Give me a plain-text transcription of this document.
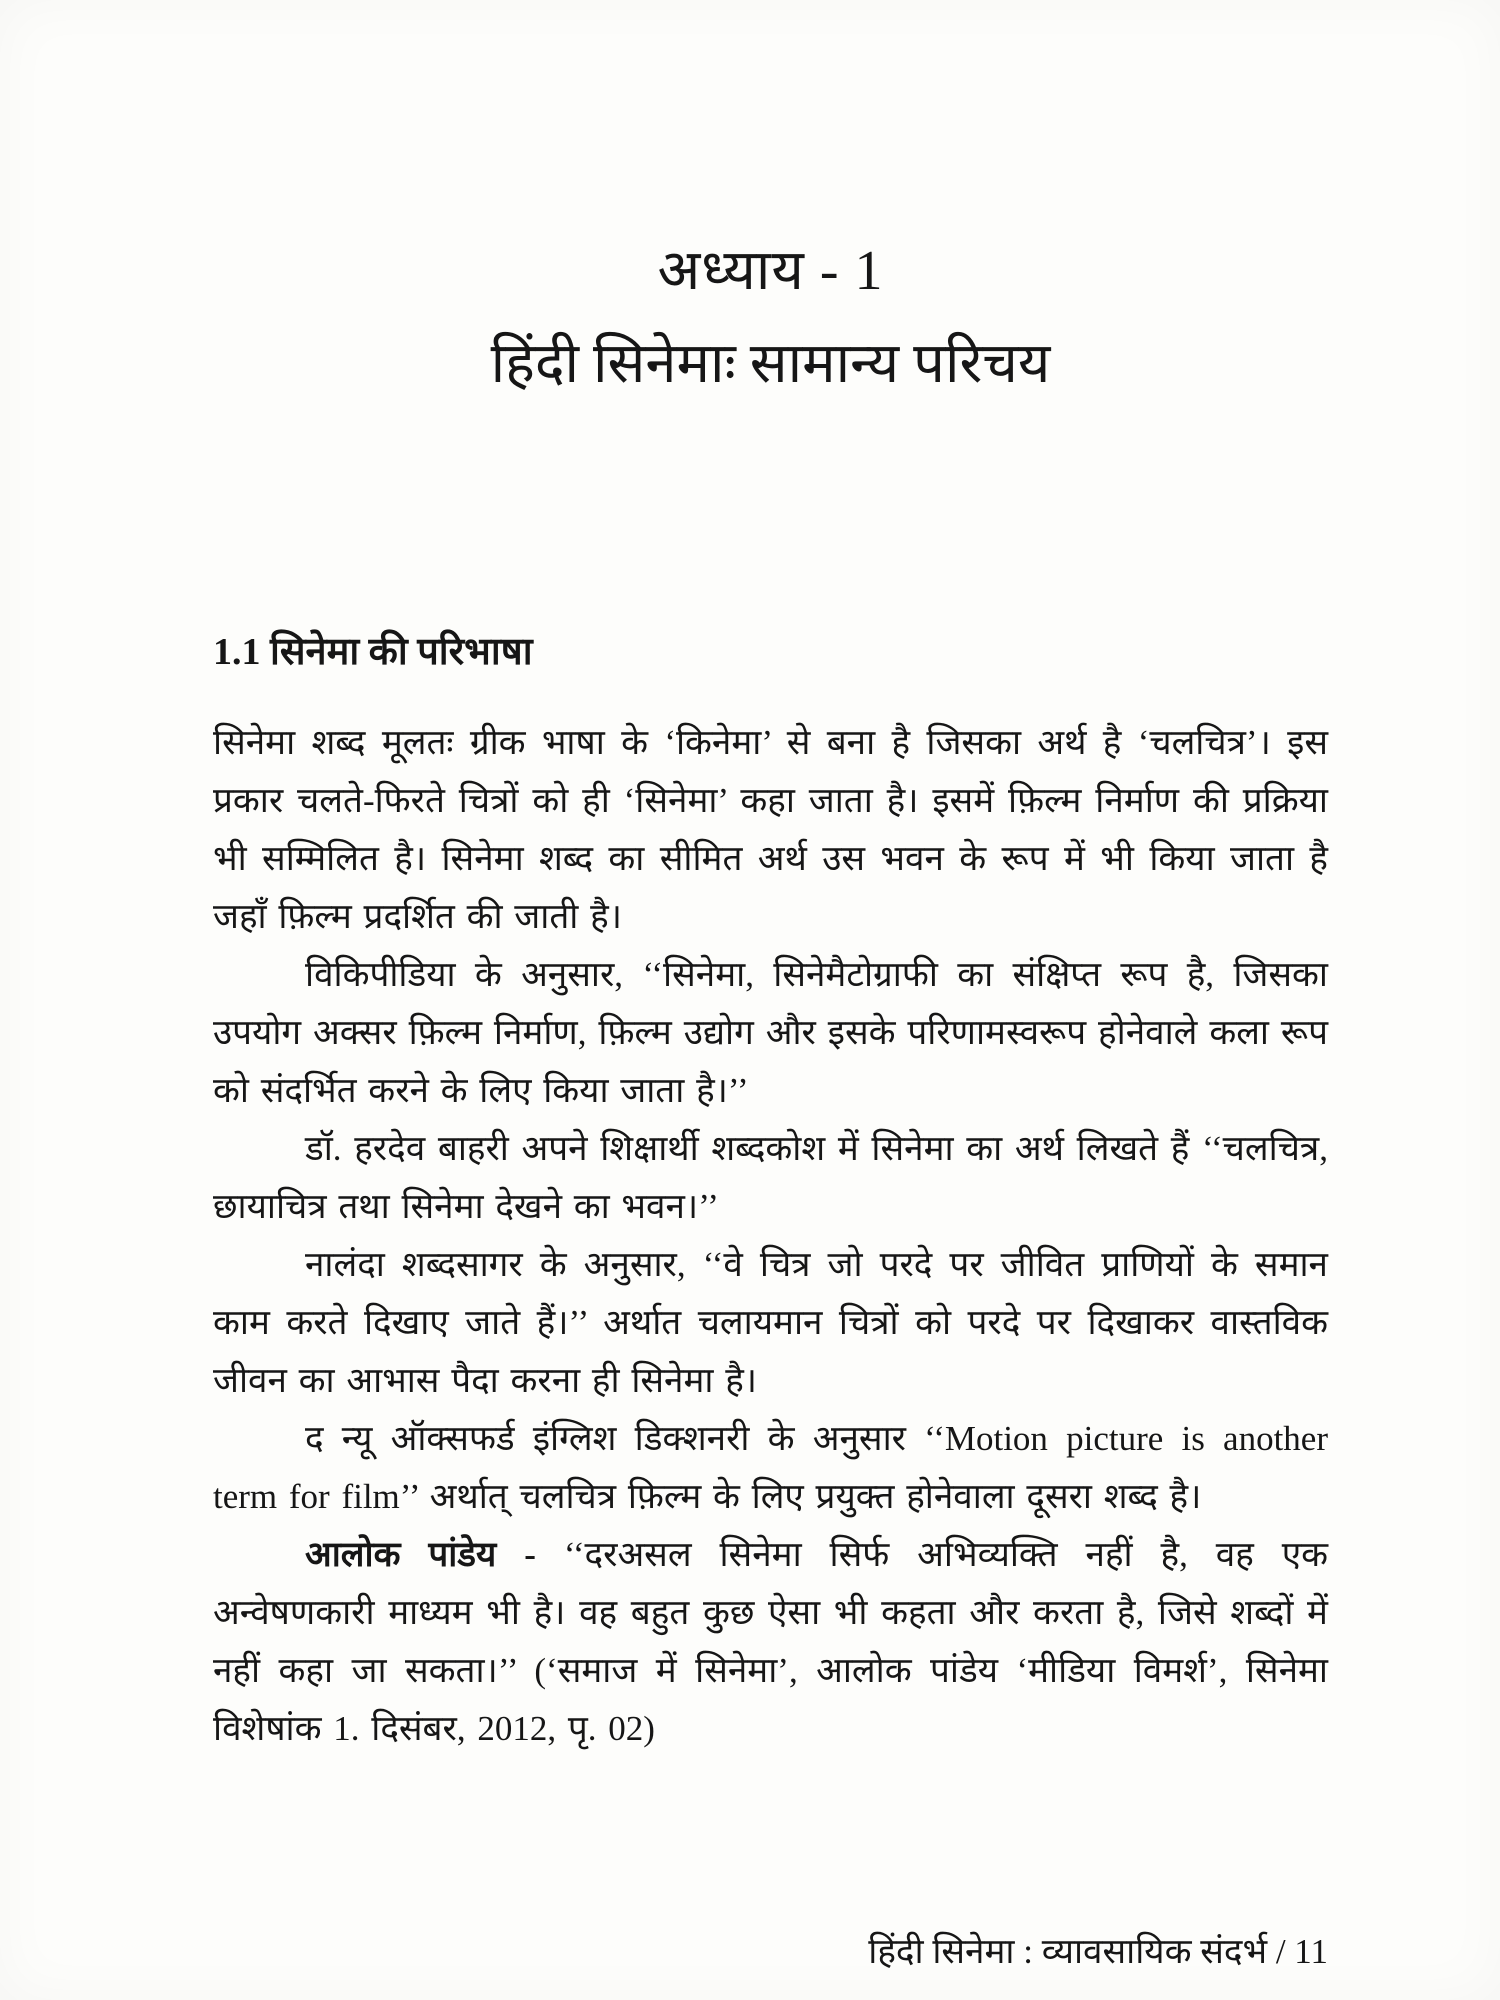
अध्याय - 1
हिंदी सिनेमाः सामान्य परिचय
1.1 सिनेमा की परिभाषा

सिनेमा शब्द मूलतः ग्रीक भाषा के ‘किनेमा’ से बना है जिसका अर्थ है ‘चलचित्र’। इस प्रकार चलते-फिरते चित्रों को ही ‘सिनेमा’ कहा जाता है। इसमें फ़िल्म निर्माण की प्रक्रिया भी सम्मिलित है। सिनेमा शब्द का सीमित अर्थ उस भवन के रूप में भी किया जाता है जहाँ फ़िल्म प्रदर्शित की जाती है।

विकिपीडिया के अनुसार, ‘‘सिनेमा, सिनेमैटोग्राफी का संक्षिप्त रूप है, जिसका उपयोग अक्सर फ़िल्म निर्माण, फ़िल्म उद्योग और इसके परिणामस्वरूप होनेवाले कला रूप को संदर्भित करने के लिए किया जाता है।’’

डॉ. हरदेव बाहरी अपने शिक्षार्थी शब्दकोश में सिनेमा का अर्थ लिखते हैं ‘‘चलचित्र, छायाचित्र तथा सिनेमा देखने का भवन।’’

नालंदा शब्दसागर के अनुसार, ‘‘वे चित्र जो परदे पर जीवित प्राणियों के समान काम करते दिखाए जाते हैं।’’ अर्थात चलायमान चित्रों को परदे पर दिखाकर वास्तविक जीवन का आभास पैदा करना ही सिनेमा है।

द न्यू ऑक्सफर्ड इंग्लिश डिक्शनरी के अनुसार ‘‘Motion picture is another term for film’’ अर्थात् चलचित्र फ़िल्म के लिए प्रयुक्त होनेवाला दूसरा शब्द है।

आलोक पांडेय - ‘‘दरअसल सिनेमा सिर्फ अभिव्यक्ति नहीं है, वह एक अन्वेषणकारी माध्यम भी है। वह बहुत कुछ ऐसा भी कहता और करता है, जिसे शब्दों में नहीं कहा जा सकता।’’ (‘समाज में सिनेमा’, आलोक पांडेय ‘मीडिया विमर्श’, सिनेमा विशेषांक 1. दिसंबर, 2012, पृ. 02)

हिंदी सिनेमा : व्यावसायिक संदर्भ / 11
